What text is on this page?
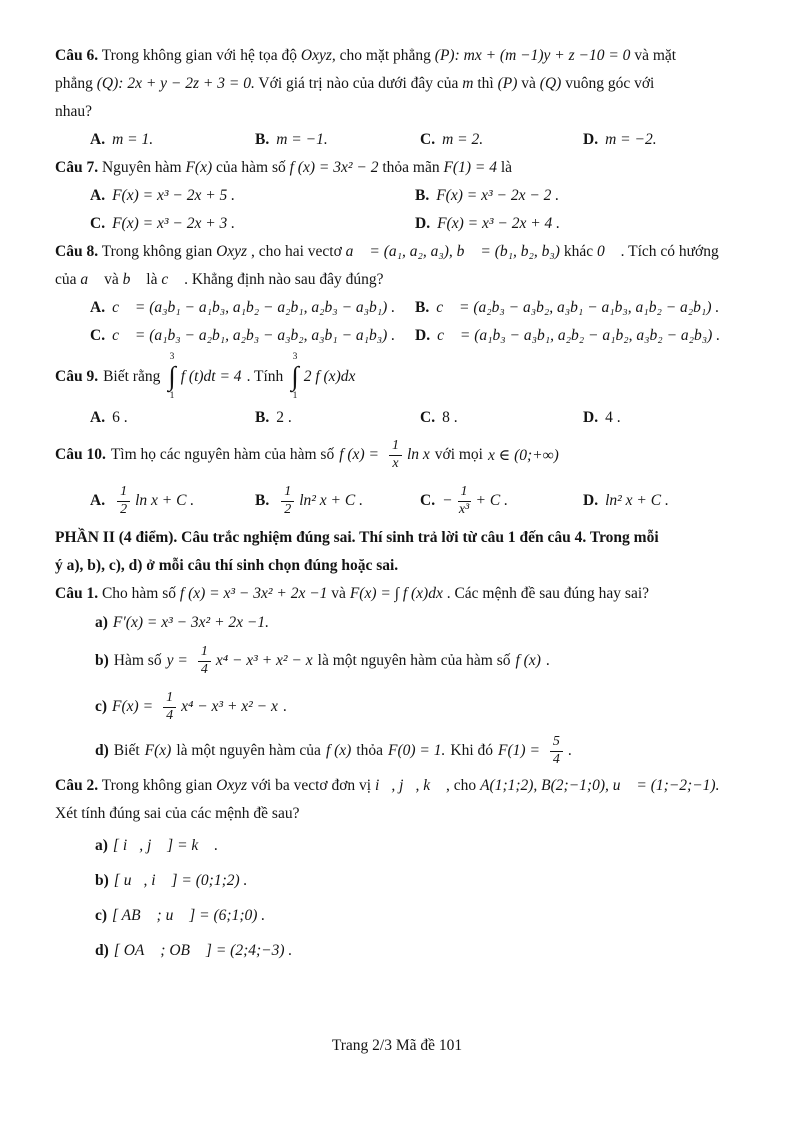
Câu 6. Trong không gian với hệ tọa độ Oxyz, cho mặt phẳng (P): mx + (m −1)y + z −10 = 0 và mặt
phẳng (Q): 2x + y − 2z + 3 = 0. Với giá trị nào của dưới đây của m thì (P) và (Q) vuông góc với
nhau?
A. m = 1.	B. m = −1.	C. m = 2.	D. m = −2.
Câu 7. Nguyên hàm F(x) của hàm số f (x) = 3x² − 2 thỏa mãn F(1) = 4 là
A. F(x) = x³ − 2x + 5 .	B. F(x) = x³ − 2x − 2 .
C. F(x) = x³ − 2x + 3 .	D. F(x) = x³ − 2x + 4 .
Câu 8. Trong không gian Oxyz , cho hai vectơ a⃗ = (a₁, a₂, a₃), b⃗ = (b₁, b₂, b₃) khác 0⃗ . Tích có hướng
của a⃗ và b⃗ là c⃗ . Khẳng định nào sau đây đúng?
A. c⃗ = (a₃b₁ − a₁b₃, a₁b₂ − a₂b₁, a₂b₃ − a₃b₁) . B. c⃗ = (a₂b₃ − a₃b₂, a₃b₁ − a₁b₃, a₁b₂ − a₂b₁) .
C. c⃗ = (a₁b₃ − a₂b₁, a₂b₃ − a₃b₂, a₃b₁ − a₁b₃) . D. c⃗ = (a₁b₃ − a₃b₁, a₂b₂ − a₁b₂, a₃b₂ − a₂b₃) .
Câu 9. Biết rằng
3
∫
1
f (t)dt = 4 . Tính
3
∫
1
2 f (x)dx
A. 6 .	B. 2 .	C. 8 .	D. 4 .
Câu 10. Tìm họ các nguyên hàm của hàm số f $(x) = \frac{1}{x}$ ln x với mọi x ∈ (0;+∞)
A. $\frac{1}{2}$ ln x + C .	B. $\frac{1}{2} \ln^2$ x + C .	C. − $\frac{1}{\text{x³}} + C$ .	D. ln² x + C .
PHẦN II (4 điểm). Câu trắc nghiệm đúng sai. Thí sinh trả lời từ câu 1 đến câu 4. Trong mỗi
ý a), b), c), d) ở mỗi câu thí sinh chọn đúng hoặc sai.
Câu 1. Cho hàm số f (x) = x³ − 3x² + 2x −1 và F(x) = ∫ f (x)dx . Các mệnh đề sau đúng hay sai?
a) F′(x) = x³ − 3x² + 2x −1.
b) Hàm số $y = \frac{1}{4} x^4 - x^3 + x^2 - x$ là một nguyên hàm của hàm số f (x) .
c) $F(x) = \frac{1}{4} x^4 - x^3 + x^2 - x$ .
d) Biết F(x) là một nguyên hàm của f (x) thỏa F(0) = 1. Khi đó $F(1) = \frac{5}{4}$ .
Câu 2. Trong không gian Oxyz với ba vectơ đơn vị i⃗, j⃗, k⃗ , cho A(1;1;2), B(2;−1;0), u⃗ = (1;−2;−1).
Xét tính đúng sai của các mệnh đề sau?
a) [ i⃗, j⃗ ] = k⃗ .
b) [ u⃗, i⃗ ] = (0;1;2) .
c) [ AB⃗ ; u⃗ ] = (6;1;0) .
d) [ OA⃗ ; OB⃗ ] = (2;4;−3) .
Trang 2/3 Mã đề 101
